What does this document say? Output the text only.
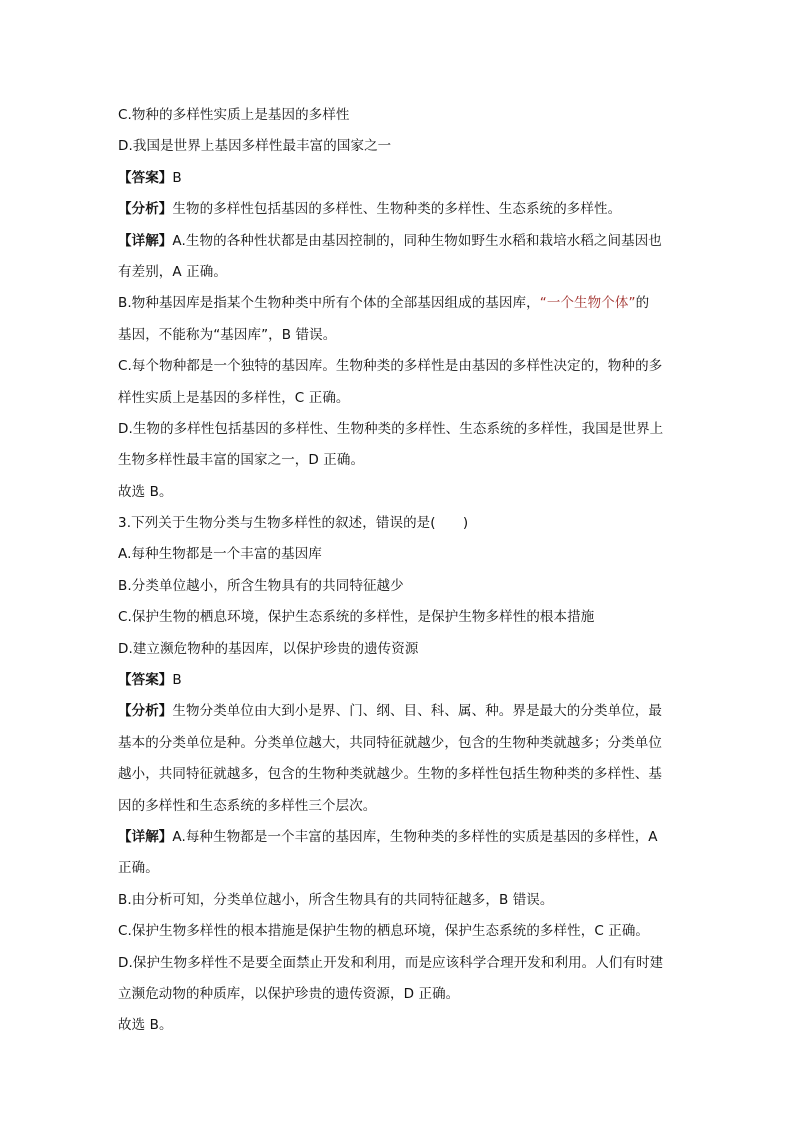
C.物种的多样性实质上是基因的多样性
D.我国是世界上基因多样性最丰富的国家之一
【答案】B
【分析】生物的多样性包括基因的多样性、生物种类的多样性、生态系统的多样性。
【详解】A.生物的各种性状都是由基因控制的，同种生物如野生水稻和栽培水稻之间基因也
有差别，A 正确。
B.物种基因库是指某个生物种类中所有个体的全部基因组成的基因库，“一个生物个体”的
基因，不能称为“基因库”，B 错误。
C.每个物种都是一个独特的基因库。生物种类的多样性是由基因的多样性决定的，物种的多
样性实质上是基因的多样性，C 正确。
D.生物的多样性包括基因的多样性、生物种类的多样性、生态系统的多样性，我国是世界上
生物多样性最丰富的国家之一，D 正确。
故选 B。
3.下列关于生物分类与生物多样性的叙述，错误的是(　　)
A.每种生物都是一个丰富的基因库
B.分类单位越小，所含生物具有的共同特征越少
C.保护生物的栖息环境，保护生态系统的多样性，是保护生物多样性的根本措施
D.建立濒危物种的基因库，以保护珍贵的遗传资源
【答案】B
【分析】生物分类单位由大到小是界、门、纲、目、科、属、种。界是最大的分类单位，最
基本的分类单位是种。分类单位越大，共同特征就越少，包含的生物种类就越多；分类单位
越小，共同特征就越多，包含的生物种类就越少。生物的多样性包括生物种类的多样性、基
因的多样性和生态系统的多样性三个层次。
【详解】A.每种生物都是一个丰富的基因库，生物种类的多样性的实质是基因的多样性，A
正确。
B.由分析可知，分类单位越小，所含生物具有的共同特征越多，B 错误。
C.保护生物多样性的根本措施是保护生物的栖息环境，保护生态系统的多样性，C 正确。
D.保护生物多样性不是要全面禁止开发和利用，而是应该科学合理开发和利用。人们有时建
立濒危动物的种质库，以保护珍贵的遗传资源，D 正确。
故选 B。
